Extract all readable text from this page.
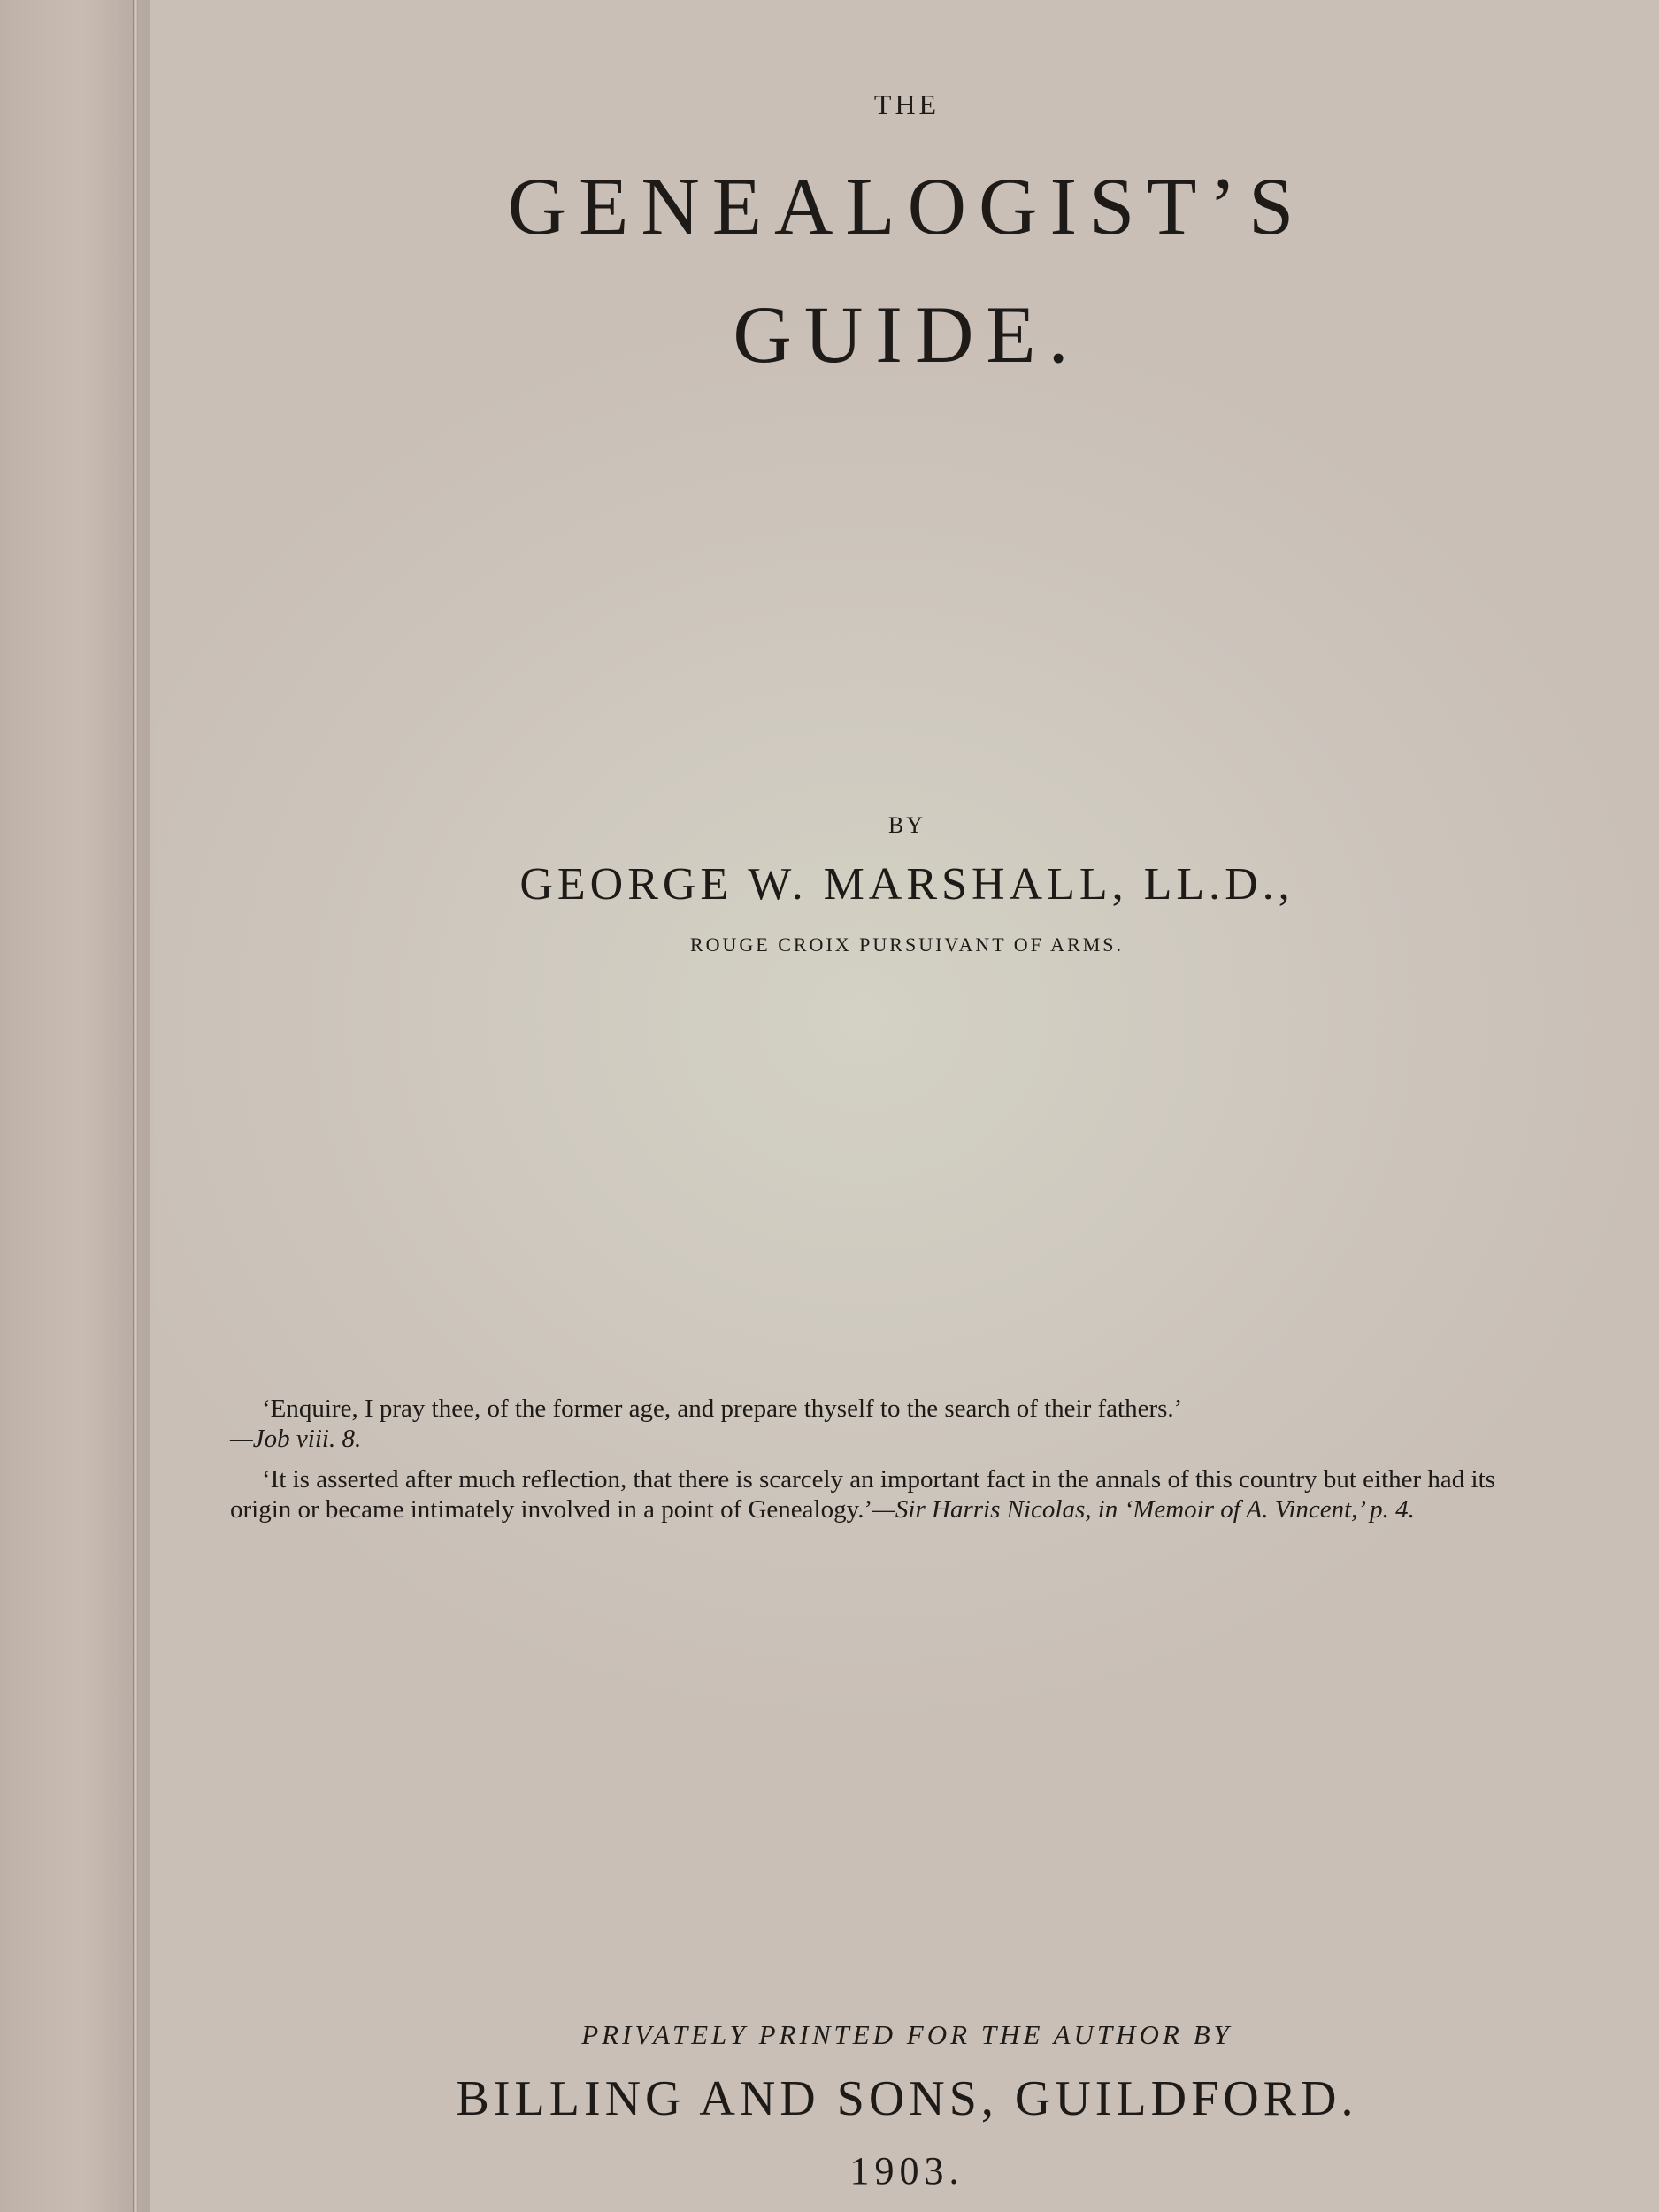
THE

GENEALOGIST’S
GUIDE.

BY

GEORGE W. MARSHALL, LL.D.,

ROUGE CROIX PURSUIVANT OF ARMS.

‘Enquire, I pray thee, of the former age, and prepare thyself to the search of their fathers.’
—Job viii. 8.

‘It is asserted after much reflection, that there is scarcely an important fact in the annals of this country but either had its origin or became intimately involved in a point of Genealogy.’—Sir Harris Nicolas, in ‘Memoir of A. Vincent,’ p. 4.

PRIVATELY PRINTED FOR THE AUTHOR BY

BILLING AND SONS, GUILDFORD.

1903.
